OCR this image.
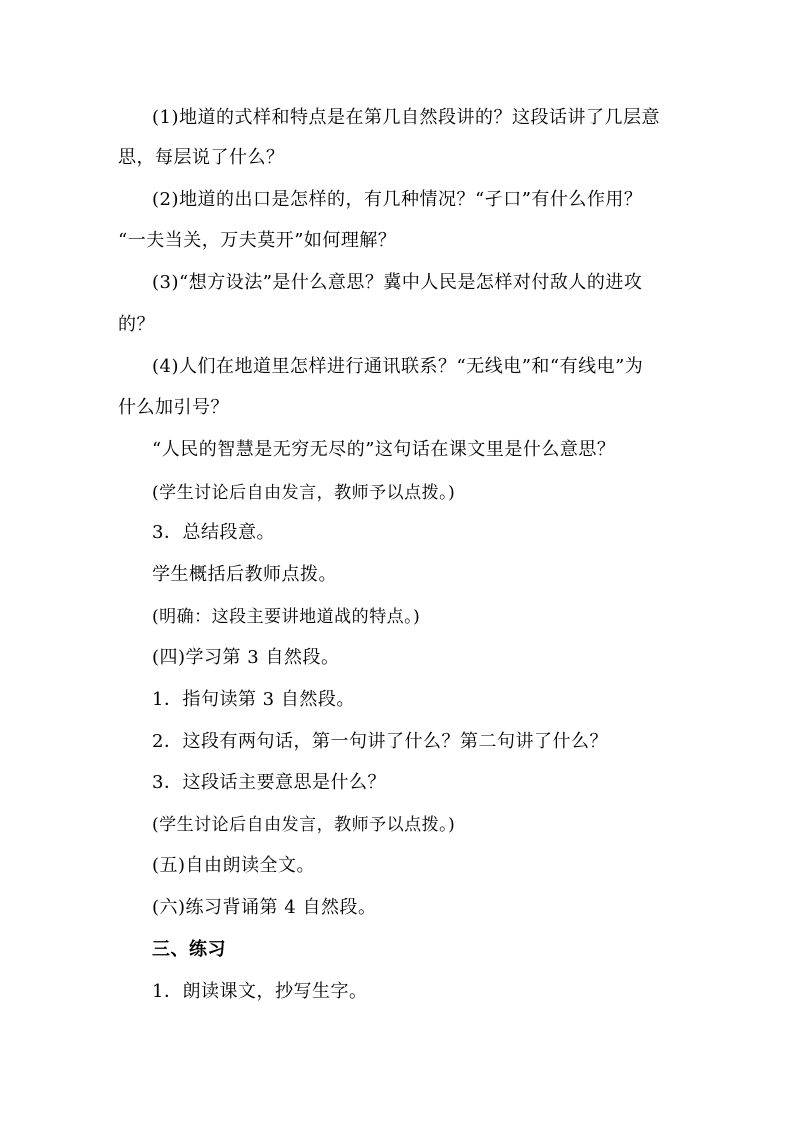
(1)地道的式样和特点是在第几自然段讲的？这段话讲了几层意
思，每层说了什么？
(2)地道的出口是怎样的，有几种情况？“孑口”有什么作用？
“一夫当关，万夫莫开”如何理解？
(3)“想方设法”是什么意思？冀中人民是怎样对付敌人的进攻
的？
(4)人们在地道里怎样进行通讯联系？“无线电”和“有线电”为
什么加引号？
“人民的智慧是无穷无尽的”这句话在课文里是什么意思？
(学生讨论后自由发言，教师予以点拨。)
3．总结段意。
学生概括后教师点拨。
(明确：这段主要讲地道战的特点。)
(四)学习第 3 自然段。
1．指句读第 3 自然段。
2．这段有两句话，第一句讲了什么？第二句讲了什么？
3．这段话主要意思是什么？
(学生讨论后自由发言，教师予以点拨。)
(五)自由朗读全文。
(六)练习背诵第 4 自然段。
三、练习
1．朗读课文，抄写生字。
